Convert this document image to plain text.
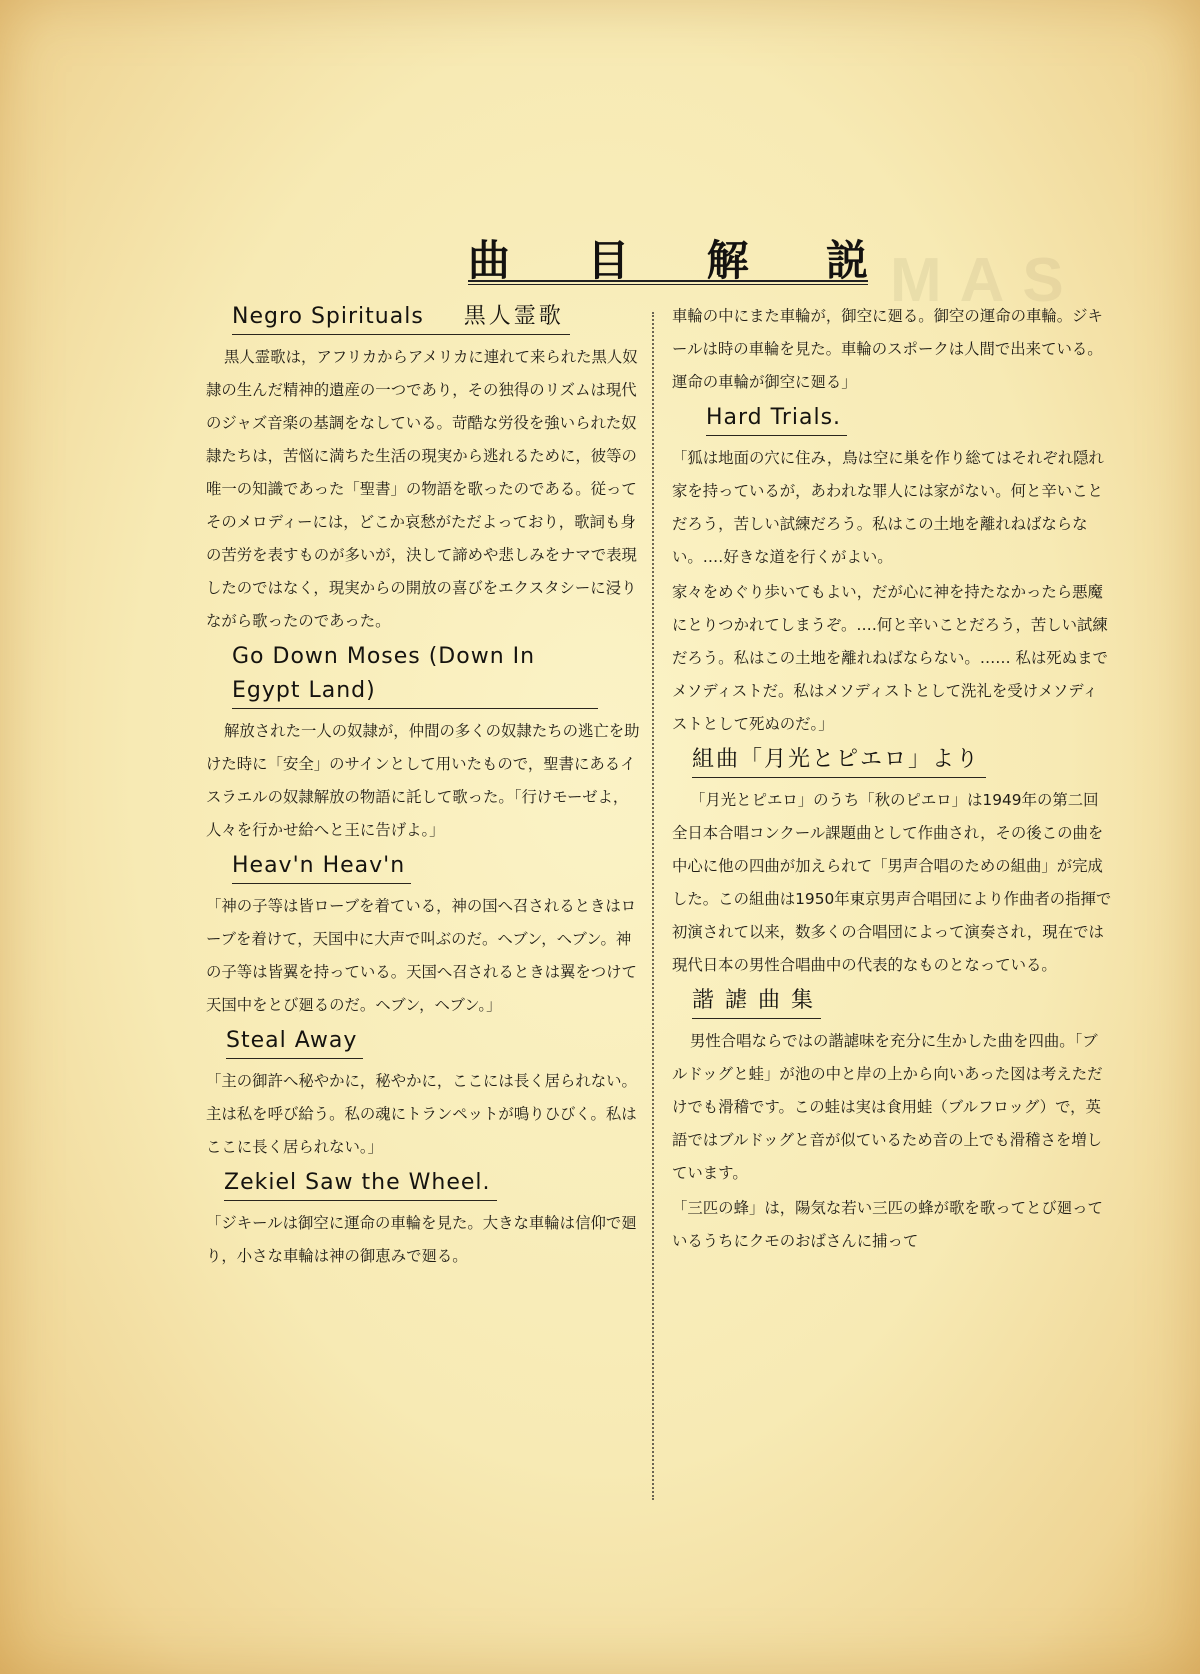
MAS
曲 目 解 説
Negro Spirituals 黒人霊歌

黒人霊歌は，アフリカからアメリカに連れて来られた黒人奴隷の生んだ精神的遺産の一つであり，その独得のリズムは現代のジャズ音楽の基調をなしている。苛酷な労役を強いられた奴隷たちは，苦悩に満ちた生活の現実から逃れるために，彼等の唯一の知識であった「聖書」の物語を歌ったのである。従ってそのメロディーには，どこか哀愁がただよっており，歌詞も身の苦労を表すものが多いが，決して諦めや悲しみをナマで表現したのではなく，現実からの開放の喜びをエクスタシーに浸りながら歌ったのであった。

Go Down Moses (Down In Egypt Land)

解放された一人の奴隷が，仲間の多くの奴隷たちの逃亡を助けた時に「安全」のサインとして用いたもので，聖書にあるイスラエルの奴隷解放の物語に託して歌った。「行けモーゼよ，人々を行かせ給へと王に告げよ。」

Heav'n Heav'n

「神の子等は皆ローブを着ている，神の国へ召されるときはローブを着けて，天国中に大声で叫ぶのだ。ヘブン，ヘブン。神の子等は皆翼を持っている。天国へ召されるときは翼をつけて天国中をとび廻るのだ。ヘブン，ヘブン。」

Steal Away

「主の御許へ秘やかに，秘やかに，ここには長く居られない。主は私を呼び給う。私の魂にトランペットが鳴りひびく。私はここに長く居られない。」

Zekiel Saw the Wheel.

「ジキールは御空に運命の車輪を見た。大きな車輪は信仰で廻り，小さな車輪は神の御恵みで廻る。

車輪の中にまた車輪が，御空に廻る。御空の運命の車輪。ジキールは時の車輪を見た。車輪のスポークは人間で出来ている。運命の車輪が御空に廻る」

Hard Trials.

「狐は地面の穴に住み，鳥は空に巣を作り総てはそれぞれ隠れ家を持っているが，あわれな罪人には家がない。何と辛いことだろう，苦しい試練だろう。私はこの土地を離れねばならない。‥‥好きな道を行くがよい。

家々をめぐり歩いてもよい，だが心に神を持たなかったら悪魔にとりつかれてしまうぞ。‥‥何と辛いことだろう，苦しい試練だろう。私はこの土地を離れねばならない。‥‥‥ 私は死ぬまでメソディストだ。私はメソディストとして洗礼を受けメソディストとして死ぬのだ。」

組曲「月光とピエロ」より

「月光とピエロ」のうち「秋のピエロ」は1949年の第二回全日本合唱コンクール課題曲として作曲され，その後この曲を中心に他の四曲が加えられて「男声合唱のための組曲」が完成した。この組曲は1950年東京男声合唱団により作曲者の指揮で初演されて以来，数多くの合唱団によって演奏され，現在では現代日本の男性合唱曲中の代表的なものとなっている。

諧 謔 曲 集

男性合唱ならではの諧謔味を充分に生かした曲を四曲。「ブルドッグと蛙」が池の中と岸の上から向いあった図は考えただけでも滑稽です。この蛙は実は食用蛙（ブルフロッグ）で，英語ではブルドッグと音が似ているため音の上でも滑稽さを増しています。

「三匹の蜂」は，陽気な若い三匹の蜂が歌を歌ってとび廻っているうちにクモのおばさんに捕って
